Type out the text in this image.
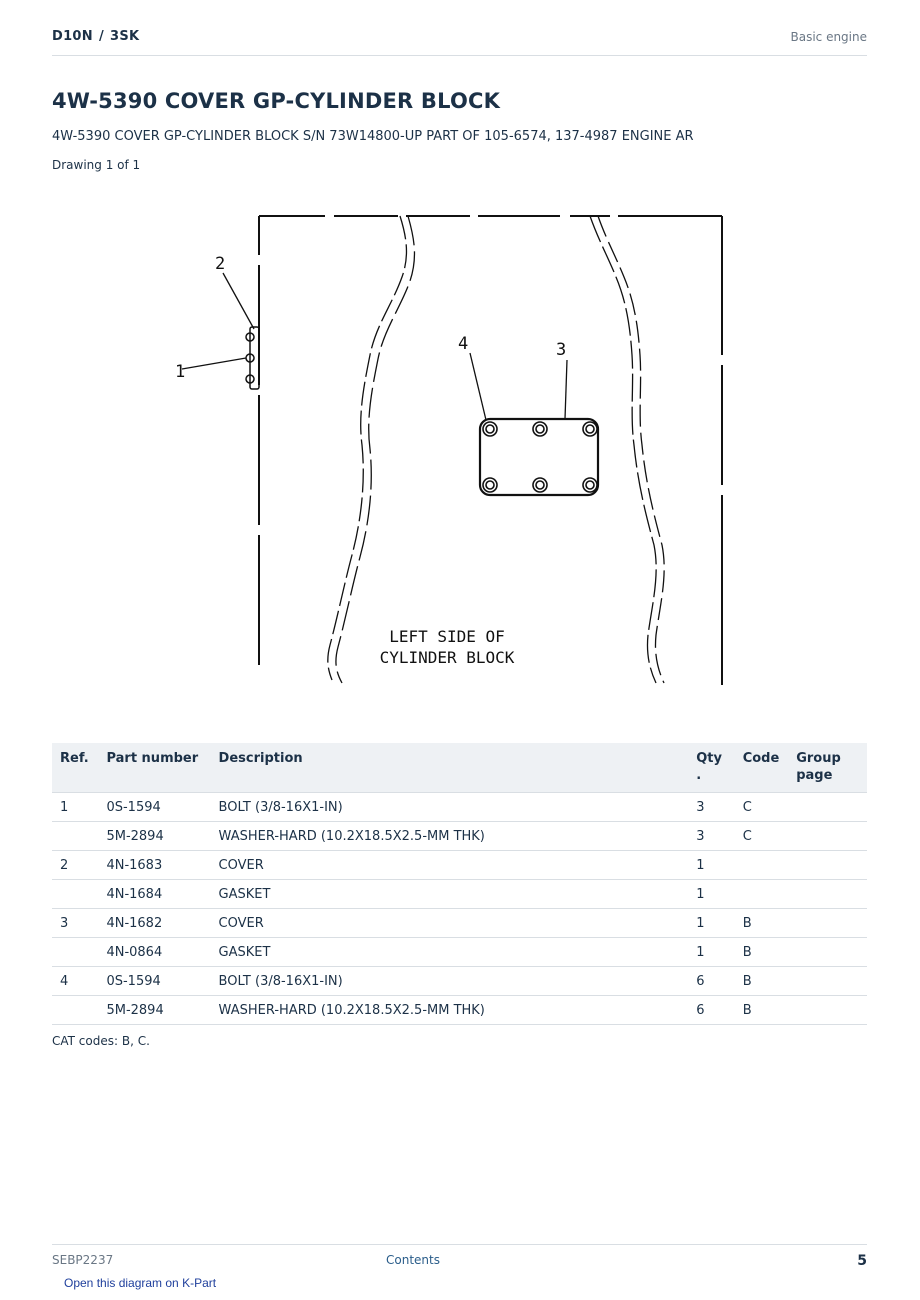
D10N / 3SK	Basic engine
4W-5390 COVER GP-CYLINDER BLOCK
4W-5390 COVER GP-CYLINDER BLOCK S/N 73W14800-UP PART OF 105-6574, 137-4987 ENGINE AR
Drawing 1 of 1
2
1
4	3
LEFT SIDE OF
CYLINDER BLOCK
Ref.	Part number	Description	Qty .	Code	Group page
1	0S-1594	BOLT (3/8-16X1-IN)	3	C	
	5M-2894	WASHER-HARD (10.2X18.5X2.5-MM THK)	3	C	
2	4N-1683	COVER	1		
	4N-1684	GASKET	1		
3	4N-1682	COVER	1	B	
	4N-0864	GASKET	1	B	
4	0S-1594	BOLT (3/8-16X1-IN)	6	B	
	5M-2894	WASHER-HARD (10.2X18.5X2.5-MM THK)	6	B	
CAT codes: B, C.
SEBP2237	Contents	5
Open this diagram on K-Part
